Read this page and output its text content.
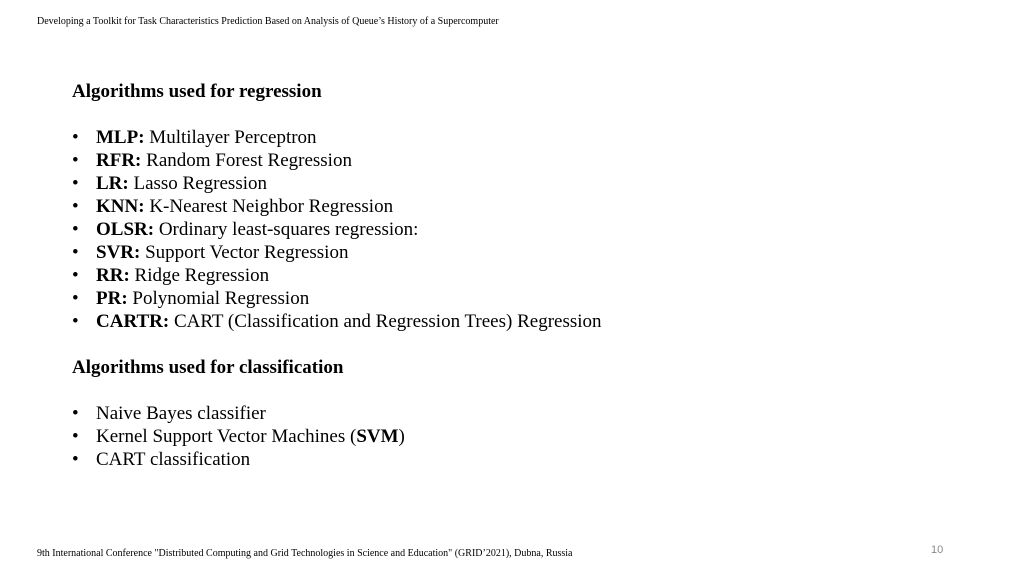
Developing a Toolkit for Task Characteristics Prediction Based on Analysis of Queue’s History of a Supercomputer

Algorithms used for regression

• MLP: Multilayer Perceptron
• RFR: Random Forest Regression
• LR: Lasso Regression
• KNN: K-Nearest Neighbor Regression
• OLSR: Ordinary least-squares regression:
• SVR: Support Vector Regression
• RR: Ridge Regression
• PR: Polynomial Regression
• CARTR: CART (Classification and Regression Trees) Regression

Algorithms used for classification

• Naive Bayes classifier
• Kernel Support Vector Machines (SVM)
• CART classification
9th International Conference "Distributed Computing and Grid Technologies in Science and Education" (GRID’2021), Dubna, Russia	10
